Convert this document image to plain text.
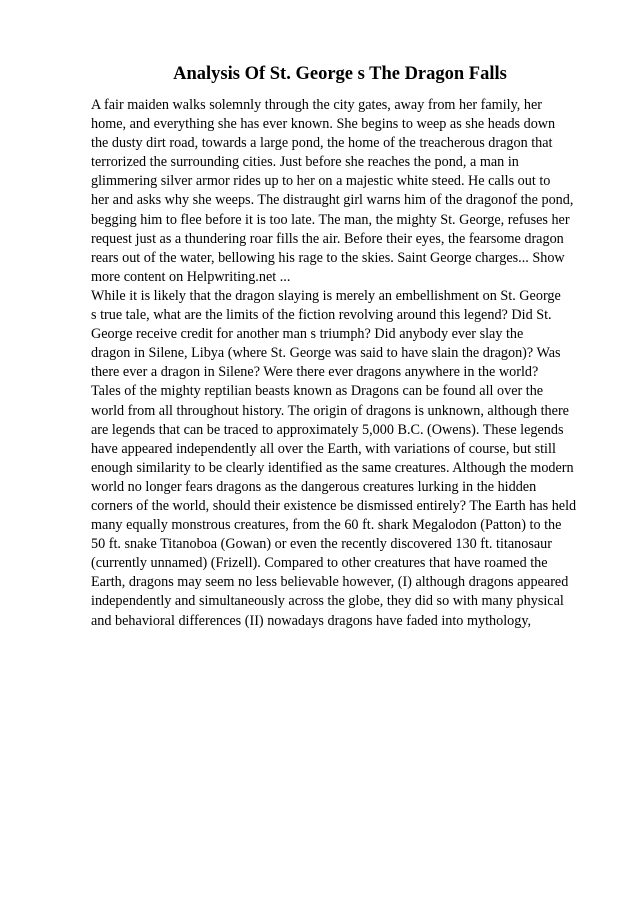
Analysis Of St. George s The Dragon Falls
A fair maiden walks solemnly through the city gates, away from her family, her
home, and everything she has ever known. She begins to weep as she heads down
the dusty dirt road, towards a large pond, the home of the treacherous dragon that
terrorized the surrounding cities. Just before she reaches the pond, a man in
glimmering silver armor rides up to her on a majestic white steed. He calls out to
her and asks why she weeps. The distraught girl warns him of the dragonof the pond,
begging him to flee before it is too late. The man, the mighty St. George, refuses her
request just as a thundering roar fills the air. Before their eyes, the fearsome dragon
rears out of the water, bellowing his rage to the skies. Saint George charges... Show
more content on Helpwriting.net ...
While it is likely that the dragon slaying is merely an embellishment on St. George
s true tale, what are the limits of the fiction revolving around this legend? Did St.
George receive credit for another man s triumph? Did anybody ever slay the
dragon in Silene, Libya (where St. George was said to have slain the dragon)? Was
there ever a dragon in Silene? Were there ever dragons anywhere in the world?
Tales of the mighty reptilian beasts known as Dragons can be found all over the
world from all throughout history. The origin of dragons is unknown, although there
are legends that can be traced to approximately 5,000 B.C. (Owens). These legends
have appeared independently all over the Earth, with variations of course, but still
enough similarity to be clearly identified as the same creatures. Although the modern
world no longer fears dragons as the dangerous creatures lurking in the hidden
corners of the world, should their existence be dismissed entirely? The Earth has held
many equally monstrous creatures, from the 60 ft. shark Megalodon (Patton) to the
50 ft. snake Titanoboa (Gowan) or even the recently discovered 130 ft. titanosaur
(currently unnamed) (Frizell). Compared to other creatures that have roamed the
Earth, dragons may seem no less believable however, (I) although dragons appeared
independently and simultaneously across the globe, they did so with many physical
and behavioral differences (II) nowadays dragons have faded into mythology,
